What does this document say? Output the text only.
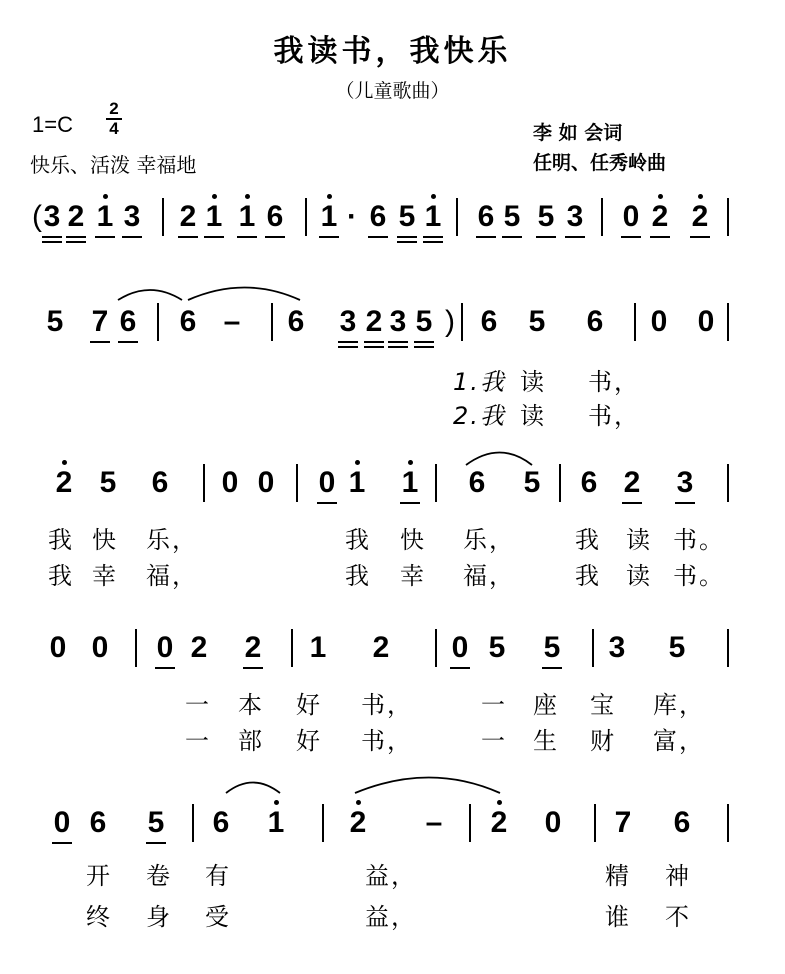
我读书，我快乐
（儿童歌曲）
1=C
2
4
快乐、活泼 幸福地
李 如 会词
任明、任秀岭曲
( 3 2 1 3 2 1 1 6 1 · 6 5 1 6 5 5 3 0 2 2
5 7 6 6 – 6 3 2 3 5 ) 6 5 6 0 0
2 5 6 0 0 0 1 1 6 5 6 2 3
0 0 0 2 2 1 2 0 5 5 3 5
0 6 5 6 1 2 – 2 0 7 6
1.我 读 书，
2.我 读 书，
我 快 乐，	我 快 乐，	我 读 书。
我 幸 福，	我 幸 福，	我 读 书。
一 本 好 书，	一 座 宝 库，
一 部 好 书，	一 生 财 富，
开 卷 有	益，	精 神
终 身 受	益，	谁 不
